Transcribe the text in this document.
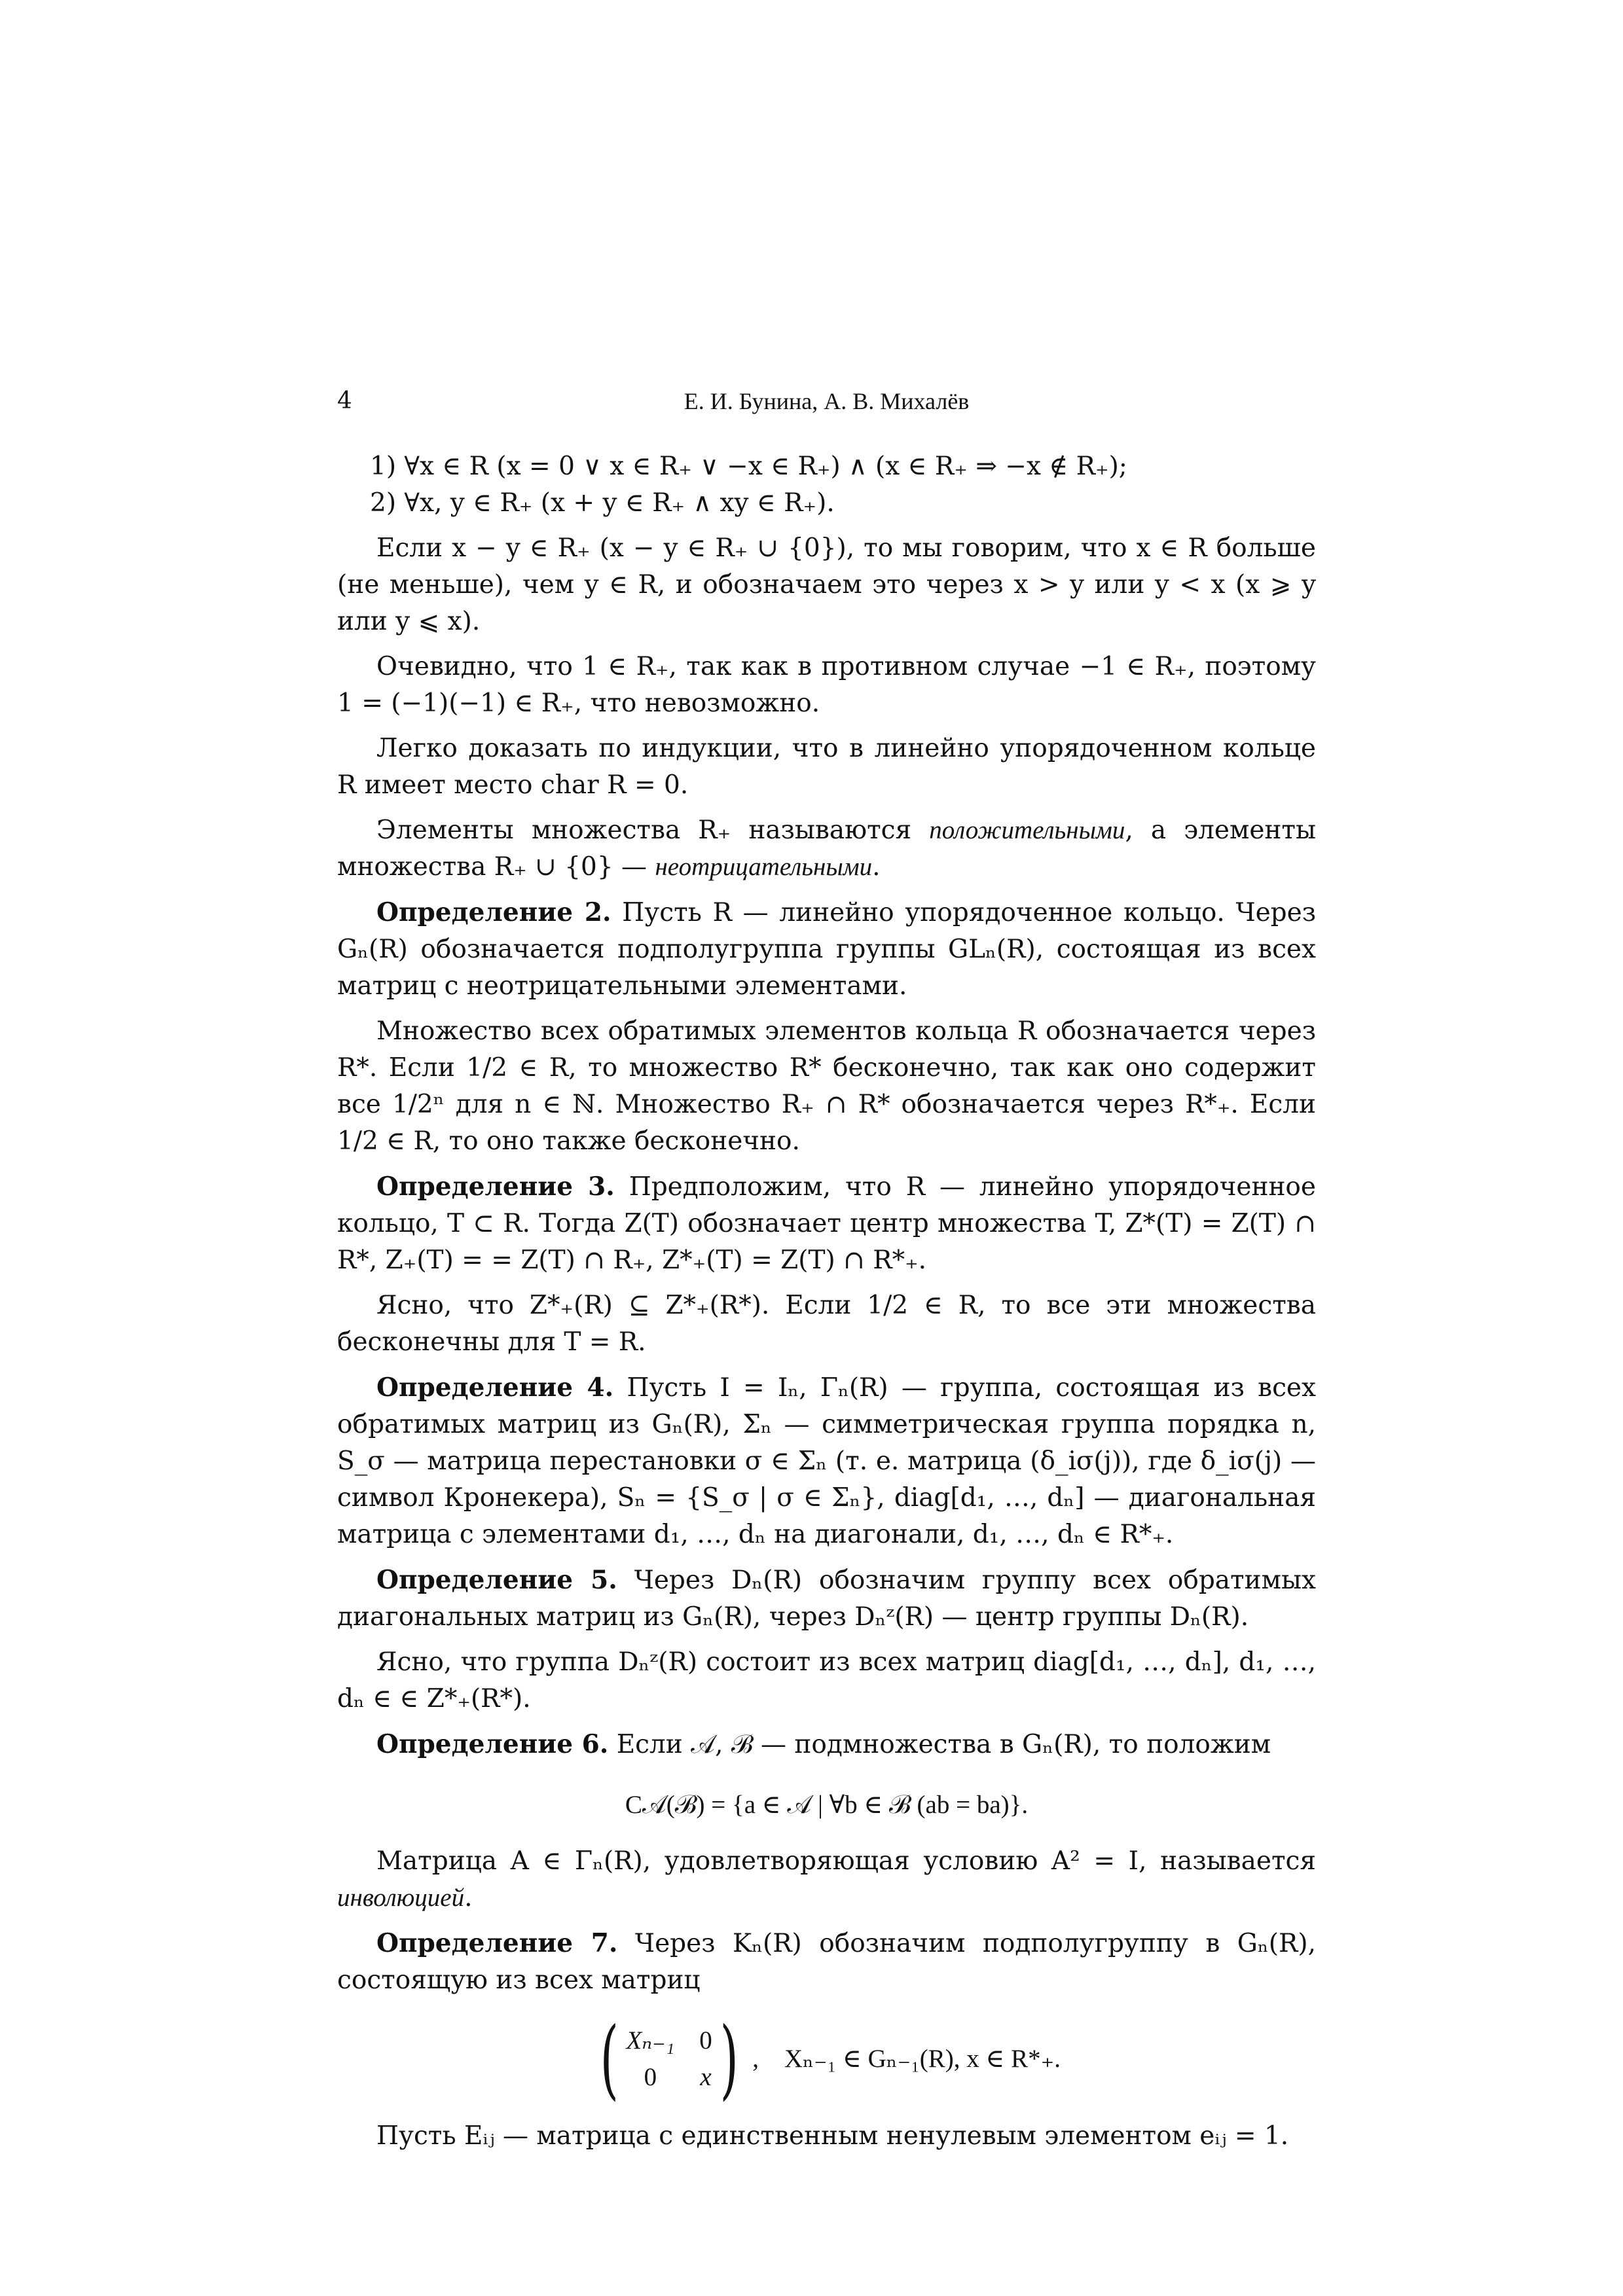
4	Е. И. Бунина, А. В. Михалёв

1) ∀x ∈ R (x = 0 ∨ x ∈ R₊ ∨ −x ∈ R₊) ∧ (x ∈ R₊ ⇒ −x ∉ R₊);

2) ∀x, y ∈ R₊ (x + y ∈ R₊ ∧ xy ∈ R₊).

Если x − y ∈ R₊ (x − y ∈ R₊ ∪ {0}), то мы говорим, что x ∈ R больше (не меньше), чем y ∈ R, и обозначаем это через x > y или y < x (x ⩾ y или y ⩽ x).

Очевидно, что 1 ∈ R₊, так как в противном случае −1 ∈ R₊, поэтому 1 = (−1)(−1) ∈ R₊, что невозможно.

Легко доказать по индукции, что в линейно упорядоченном кольце R имеет место char R = 0.

Элементы множества R₊ называются положительными, а элементы множества R₊ ∪ {0} — неотрицательными.

Определение 2. Пусть R — линейно упорядоченное кольцо. Через Gₙ(R) обозначается подполугруппа группы GLₙ(R), состоящая из всех матриц с неотрицательными элементами.

Множество всех обратимых элементов кольца R обозначается через R*. Если 1/2 ∈ R, то множество R* бесконечно, так как оно содержит все 1/2ⁿ для n ∈ ℕ. Множество R₊ ∩ R* обозначается через R*₊. Если 1/2 ∈ R, то оно также бесконечно.

Определение 3. Предположим, что R — линейно упорядоченное кольцо, T ⊂ R. Тогда Z(T) обозначает центр множества T, Z*(T) = Z(T) ∩ R*, Z₊(T) = = Z(T) ∩ R₊, Z*₊(T) = Z(T) ∩ R*₊.

Ясно, что Z*₊(R) ⊆ Z*₊(R*). Если 1/2 ∈ R, то все эти множества бесконечны для T = R.

Определение 4. Пусть I = Iₙ, Γₙ(R) — группа, состоящая из всех обратимых матриц из Gₙ(R), Σₙ — симметрическая группа порядка n, S_σ — матрица перестановки σ ∈ Σₙ (т. е. матрица (δ_iσ(j)), где δ_iσ(j) — символ Кронекера), Sₙ = {S_σ | σ ∈ Σₙ}, diag[d₁, …, dₙ] — диагональная матрица с элементами d₁, …, dₙ на диагонали, d₁, …, dₙ ∈ R*₊.

Определение 5. Через Dₙ(R) обозначим группу всех обратимых диагональных матриц из Gₙ(R), через Dₙᶻ(R) — центр группы Dₙ(R).

Ясно, что группа Dₙᶻ(R) состоит из всех матриц diag[d₁, …, dₙ], d₁, …, dₙ ∈ ∈ Z*₊(R*).

Определение 6. Если 𝒜, ℬ — подмножества в Gₙ(R), то положим

C𝒜(ℬ) = {a ∈ 𝒜 | ∀b ∈ ℬ (ab = ba)}.

Матрица A ∈ Γₙ(R), удовлетворяющая условию A² = I, называется инволюцией.

Определение 7. Через Kₙ(R) обозначим подполугруппу в Gₙ(R), состоящую из всех матриц

( Xₙ₋₁ 0
0	x ) ,    Xₙ₋₁ ∈ Gₙ₋₁(R), x ∈ R*₊.

Пусть Eᵢⱼ — матрица с единственным ненулевым элементом eᵢⱼ = 1.
